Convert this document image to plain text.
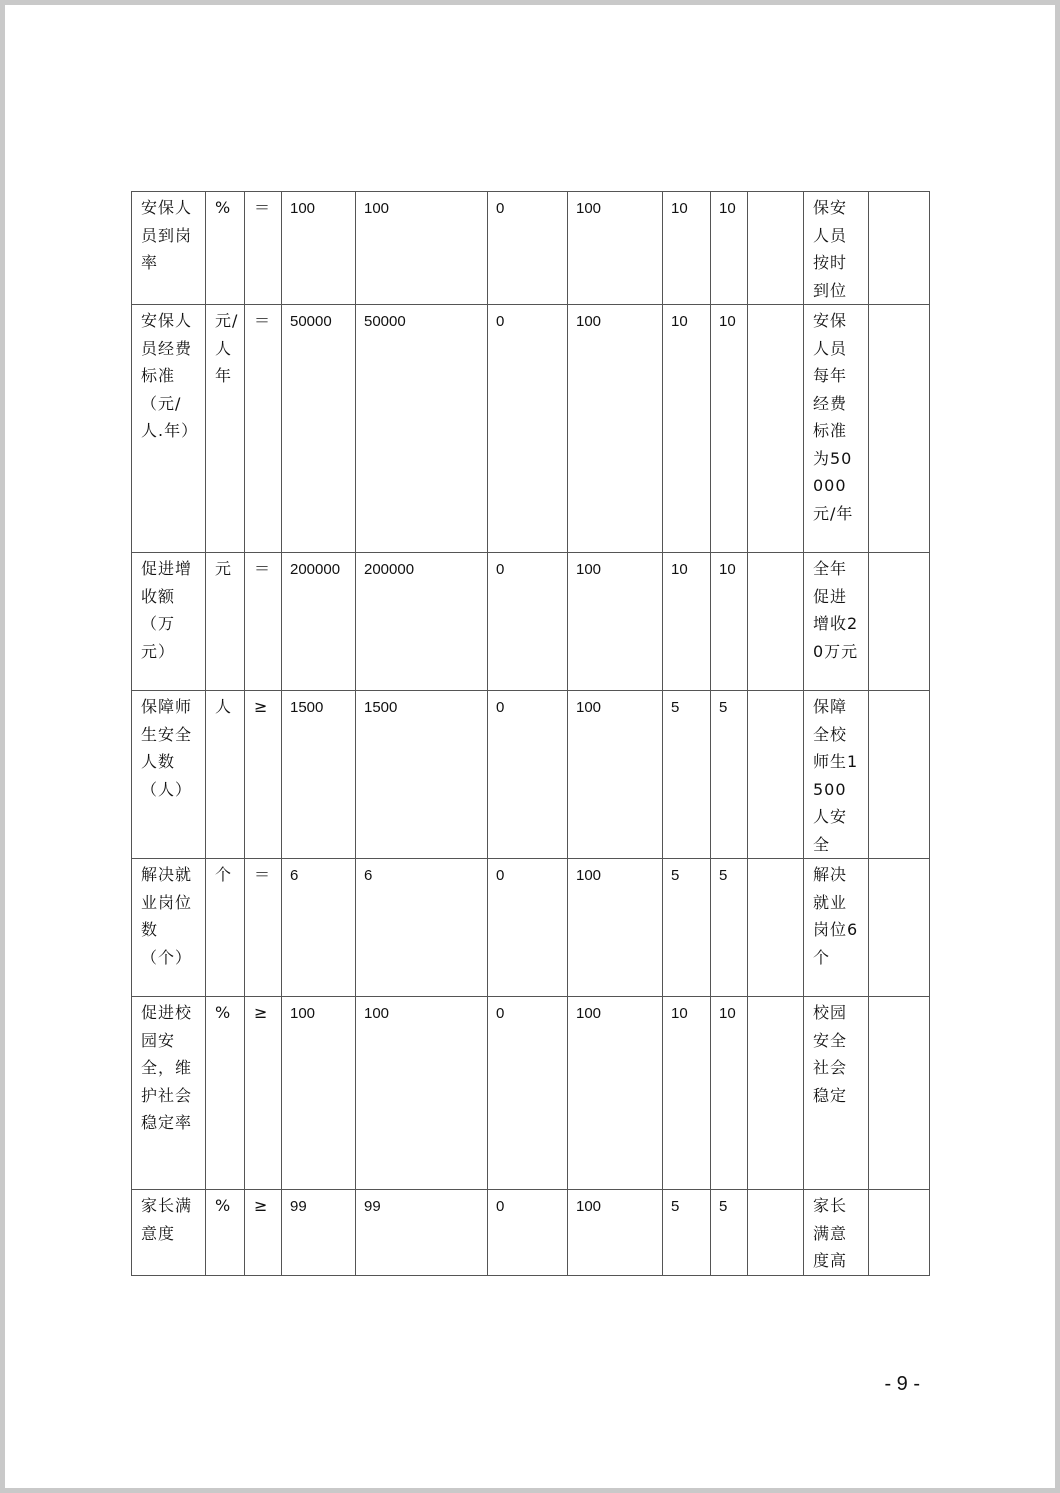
安保人员到岗率	%	＝	100	100	0	100	10	10		保安人员按时到位	
安保人员经费标准（元/人.年）	元/人年	＝	50000	50000	0	100	10	10		安保人员每年经费标准为50000元/年	
促进增收额（万元）	元	＝	200000	200000	0	100	10	10		全年促进增收20万元	
保障师生安全人数（人）	人	≥	1500	1500	0	100	5	5		保障全校师生1500人安全	
解决就业岗位数（个）	个	＝	6	6	0	100	5	5		解决就业岗位6个	
促进校园安全，维护社会稳定率	%	≥	100	100	0	100	10	10		校园安全社会稳定	
家长满意度	%	≥	99	99	0	100	5	5		家长满意度高	
- 9 -
